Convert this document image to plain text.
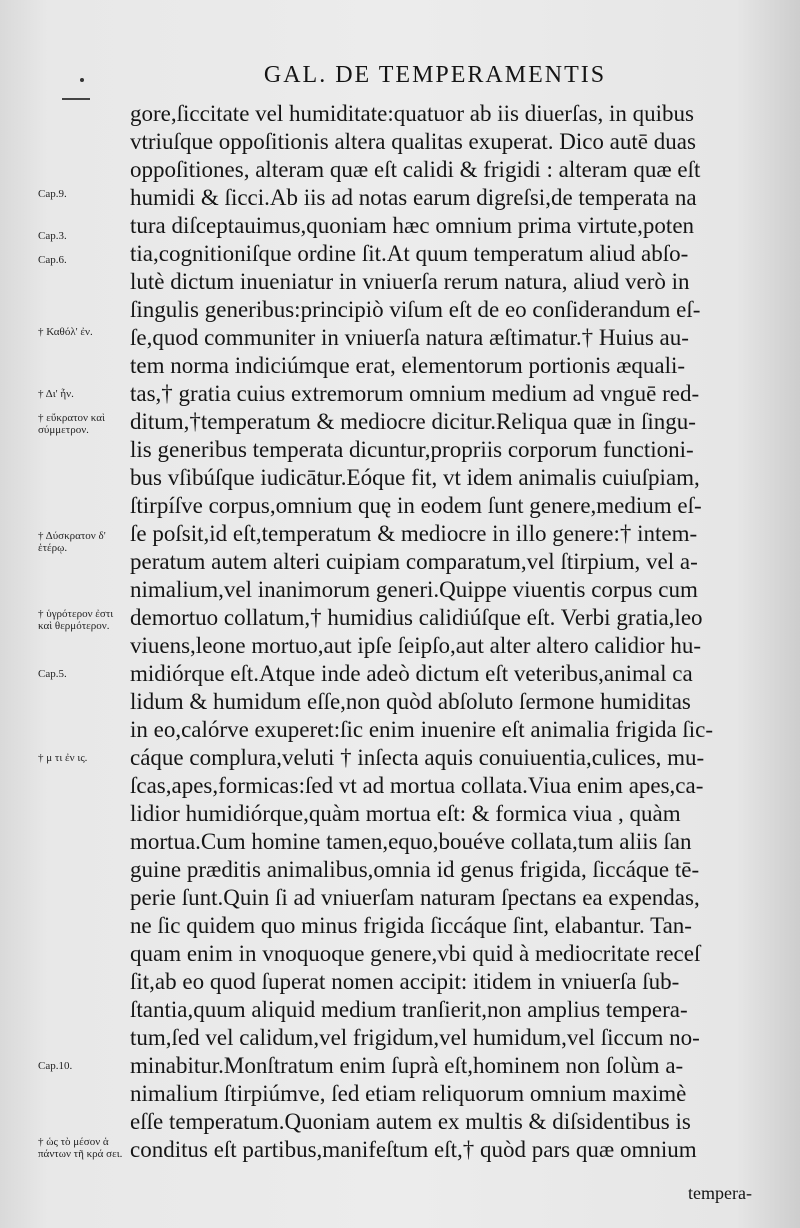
GAL. DE TEMPERAMENTIS
gore,ſiccitate vel humiditate:quatuor ab iis diuerſas, in quibus
vtriuſque oppoſitionis altera qualitas exuperat. Dico autē duas
oppoſitiones, alteram quæ eſt calidi & frigidi : alteram quæ eſt
humidi & ſicci.Ab iis ad notas earum digreſsi,de temperata na
tura diſceptauimus,quoniam hæc omnium prima virtute,poten
tia,cognitioniſque ordine ſit.At quum temperatum aliud abſo-
lutè dictum inueniatur in vniuerſa rerum natura, aliud verò in
ſingulis generibus:principiò viſum eſt de eo conſiderandum eſ-
ſe,quod communiter in vniuerſa natura æſtimatur.† Huius au-
tem norma indiciúmque erat, elementorum portionis æquali-
tas,† gratia cuius extremorum omnium medium ad vnguē red-
ditum,†temperatum & mediocre dicitur.Reliqua quæ in ſingu-
lis generibus temperata dicuntur,propriis corporum functioni-
bus vſibúſque iudicātur.Eóque fit, vt idem animalis cuiuſpiam,
ſtirpíſve corpus,omnium quę in eodem ſunt genere,medium eſ-
ſe poſsit,id eſt,temperatum & mediocre in illo genere:† intem-
peratum autem alteri cuipiam comparatum,vel ſtirpium, vel a-
nimalium,vel inanimorum generi.Quippe viuentis corpus cum
demortuo collatum,† humidius calidiúſque eſt. Verbi gratia,leo
viuens,leone mortuo,aut ipſe ſeipſo,aut alter altero calidior hu-
midiórque eſt.Atque inde adeò dictum eſt veteribus,animal ca
lidum & humidum eſſe,non quòd abſoluto ſermone humiditas
in eo,calórve exuperet:ſic enim inuenire eſt animalia frigida ſic-
cáque complura,veluti † inſecta aquis conuiuentia,culices, mu-
ſcas,apes,formicas:ſed vt ad mortua collata.Viua enim apes,ca-
lidior humidiórque,quàm mortua eſt: & formica viua , quàm
mortua.Cum homine tamen,equo,bouéve collata,tum aliis ſan
guine præditis animalibus,omnia id genus frigida, ſiccáque tē-
perie ſunt.Quin ſi ad vniuerſam naturam ſpectans ea expendas,
ne ſic quidem quo minus frigida ſiccáque ſint, elabantur. Tan-
quam enim in vnoquoque genere,vbi quid à mediocritate receſ
ſit,ab eo quod ſuperat nomen accipit: itidem in vniuerſa ſub-
ſtantia,quum aliquid medium tranſierit,non amplius tempera-
tum,ſed vel calidum,vel frigidum,vel humidum,vel ſiccum no-
minabitur.Monſtratum enim ſuprà eſt,hominem non ſolùm a-
nimalium ſtirpiúmve, ſed etiam reliquorum omnium maximè
eſſe temperatum.Quoniam autem ex multis & diſsidentibus is
conditus eſt partibus,manifeſtum eſt,† quòd pars quæ omnium
tempera-
Cap.9.
Cap.3.
Cap.6.
† Καθόλ' ἐν.
† Δι' ἦν.
† εὔκρατον καὶ σύμμετρον.
† Δύσκρατον δ' ἑτέρῳ.
† ὑγρότερον ἐστι καὶ θερμότερον.
Cap.5.
† μ τι ἐν ις.
Cap.10.
† ὡς τὸ μέσον ἁ πάντων τῆ κρά σει.
